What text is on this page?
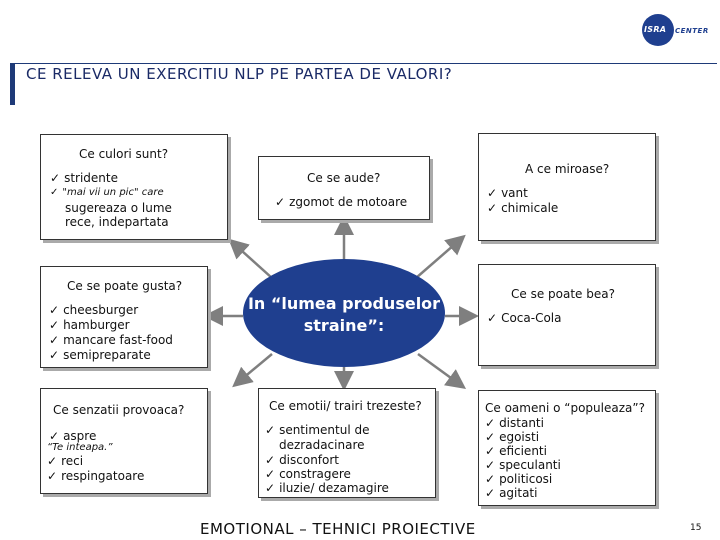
ISRA CENTER
CE RELEVA UN EXERCITIU NLP PE PARTEA DE VALORI?
Ce culori sunt?
✓ stridente
✓ "mai vii un pic" care
sugereaza o lume
rece, indepartata
Ce se aude?
✓ zgomot de motoare
A ce miroase?
✓ vant
✓ chimicale
Ce se poate gusta?
✓ cheesburger
✓ hamburger
✓ mancare fast-food
✓ semipreparate
Ce se poate bea?
✓ Coca-Cola
Ce senzatii provoaca?
✓ aspre
“Te inteapa.”
✓ reci
✓ respingatoare
Ce emotii/ trairi trezeste?
✓ sentimentul de
dezradacinare
✓ disconfort
✓ constragere
✓ iluzie/ dezamagire
Ce oameni o “populeaza”?
✓ distanti
✓ egoisti
✓ eficienti
✓ speculanti
✓ politicosi
✓ agitati
In “lumea produselor
straine”:
EMOTIONAL – TEHNICI PROIECTIVE	15
